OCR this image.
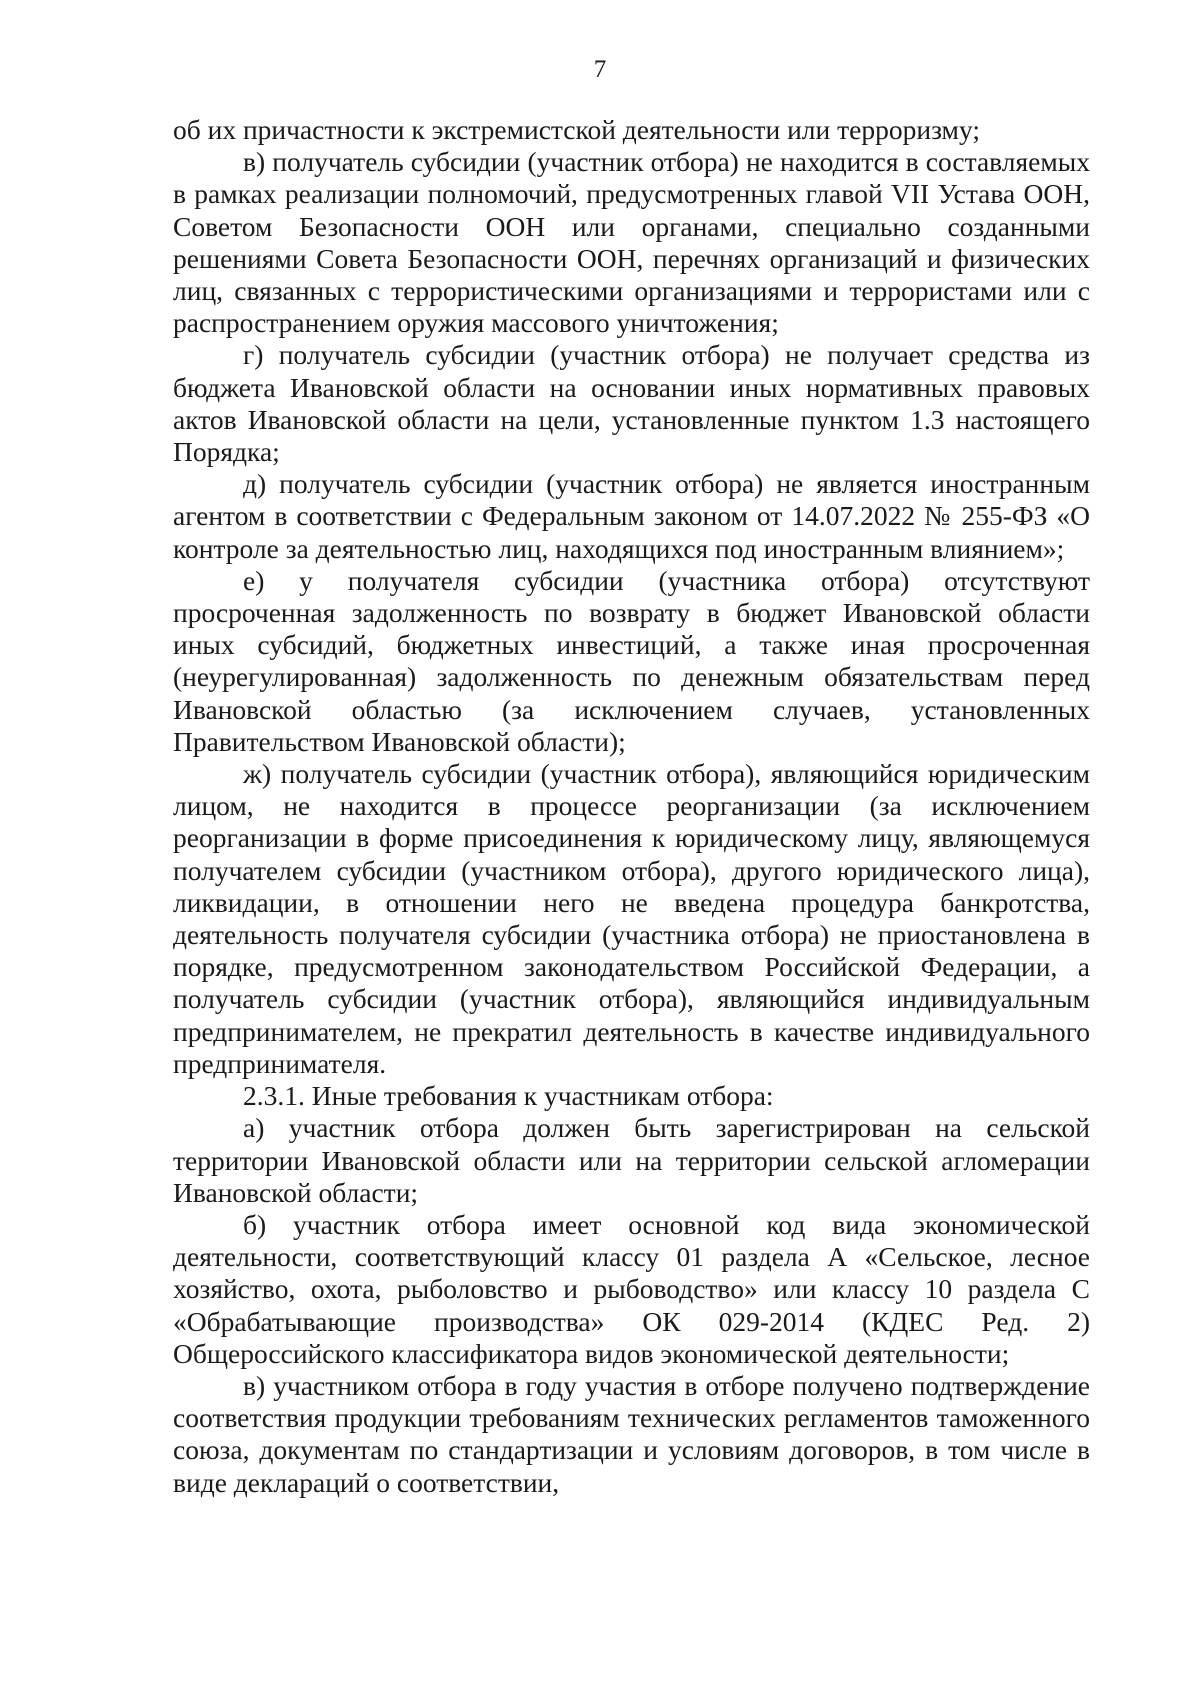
7

об их причастности к экстремистской деятельности или терроризму;

в) получатель субсидии (участник отбора) не находится в составляемых в рамках реализации полномочий, предусмотренных главой VII Устава ООН, Советом Безопасности ООН или органами, специально созданными решениями Совета Безопасности ООН, перечнях организаций и физических лиц, связанных с террористическими организациями и террористами или с распространением оружия массового уничтожения;

г) получатель субсидии (участник отбора) не получает средства из бюджета Ивановской области на основании иных нормативных правовых актов Ивановской области на цели, установленные пунктом 1.3 настоящего Порядка;

д) получатель субсидии (участник отбора) не является иностранным агентом в соответствии с Федеральным законом от 14.07.2022 № 255-ФЗ «О контроле за деятельностью лиц, находящихся под иностранным влиянием»;

е) у получателя субсидии (участника отбора) отсутствуют просроченная задолженность по возврату в бюджет Ивановской области иных субсидий, бюджетных инвестиций, а также иная просроченная (неурегулированная) задолженность по денежным обязательствам перед Ивановской областью (за исключением случаев, установленных Правительством Ивановской области);

ж) получатель субсидии (участник отбора), являющийся юридическим лицом, не находится в процессе реорганизации (за исключением реорганизации в форме присоединения к юридическому лицу, являющемуся получателем субсидии (участником отбора), другого юридического лица), ликвидации, в отношении него не введена процедура банкротства, деятельность получателя субсидии (участника отбора) не приостановлена в порядке, предусмотренном законодательством Российской Федерации, а получатель субсидии (участник отбора), являющийся индивидуальным предпринимателем, не прекратил деятельность в качестве индивидуального предпринимателя.

2.3.1. Иные требования к участникам отбора:

а) участник отбора должен быть зарегистрирован на сельской территории Ивановской области или на территории сельской агломерации Ивановской области;

б) участник отбора имеет основной код вида экономической деятельности, соответствующий классу 01 раздела А «Сельское, лесное хозяйство, охота, рыболовство и рыбоводство» или классу 10 раздела С «Обрабатывающие производства» ОК 029-2014 (КДЕС Ред. 2) Общероссийского классификатора видов экономической деятельности;

в) участником отбора в году участия в отборе получено подтверждение соответствия продукции требованиям технических регламентов таможенного союза, документам по стандартизации и условиям договоров, в том числе в виде деклараций о соответствии,
